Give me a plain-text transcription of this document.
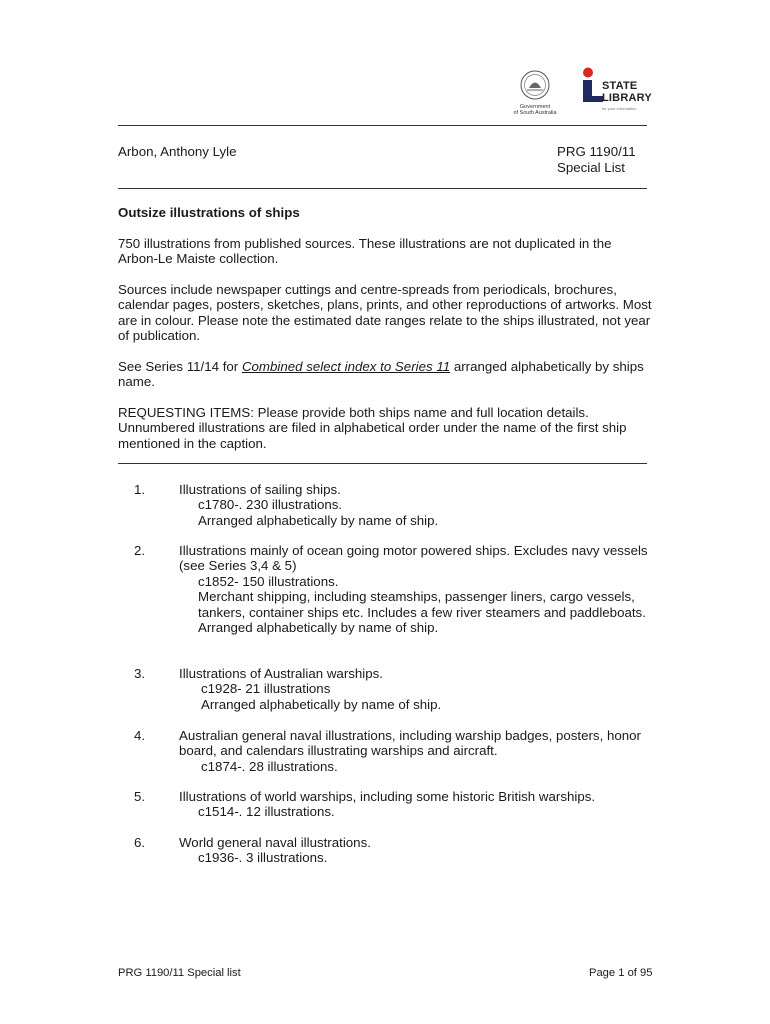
Government
of South Australia
STATE
LIBRARY
for your information
Arbon, Anthony Lyle	PRG 1190/11
Special List
Outsize illustrations of ships
750 illustrations from published sources. These illustrations are not duplicated in the Arbon-Le Maiste collection.
Sources include newspaper cuttings and centre-spreads from periodicals, brochures, calendar pages, posters, sketches, plans, prints, and other reproductions of artworks. Most are in colour. Please note the estimated date ranges relate to the ships illustrated, not year of publication.
See Series 11/14 for Combined select index to Series 11 arranged alphabetically by ships name.
REQUESTING ITEMS: Please provide both ships name and full location details. Unnumbered illustrations are filed in alphabetical order under the name of the first ship mentioned in the caption.
1.	Illustrations of sailing ships.
c1780-. 230 illustrations.
Arranged alphabetically by name of ship.
2.	Illustrations mainly of ocean going motor powered ships. Excludes navy vessels (see Series 3,4 & 5)
c1852- 150 illustrations.
Merchant shipping, including steamships, passenger liners, cargo vessels, tankers, container ships etc. Includes a few river steamers and paddleboats.
Arranged alphabetically by name of ship.
3.	Illustrations of Australian warships.
c1928- 21 illustrations
Arranged alphabetically by name of ship.
4.	Australian general naval illustrations, including warship badges, posters, honor board, and calendars illustrating warships and aircraft.
c1874-. 28 illustrations.
5.	Illustrations of world warships, including some historic British warships.
c1514-. 12 illustrations.
6.	World general naval illustrations.
c1936-. 3 illustrations.
PRG 1190/11 Special list	Page 1 of 95
